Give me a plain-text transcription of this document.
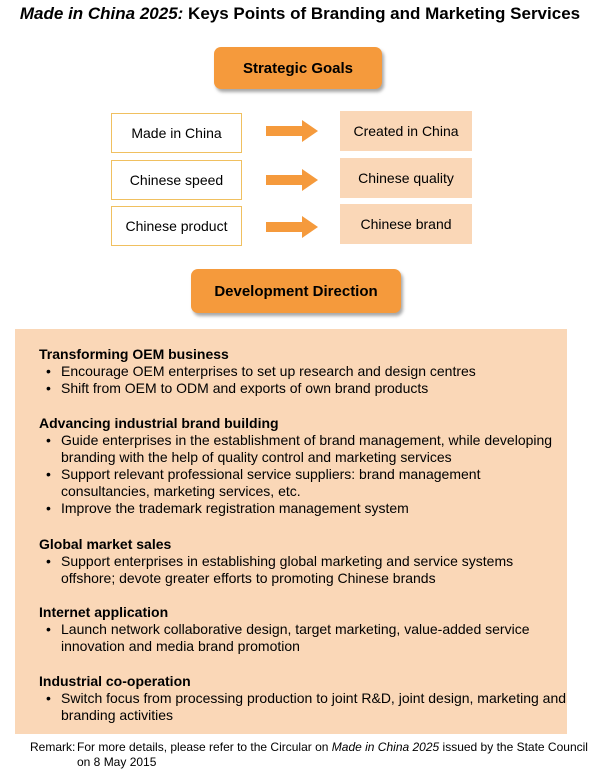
Made in China 2025: Keys Points of Branding and Marketing Services
Strategic Goals
Made in China	Created in China
Chinese speed	Chinese quality
Chinese product	Chinese brand
Development Direction
Transforming OEM business
• Encourage OEM enterprises to set up research and design centres
• Shift from OEM to ODM and exports of own brand products
Advancing industrial brand building
• Guide enterprises in the establishment of brand management, while developing branding with the help of quality control and marketing services
• Support relevant professional service suppliers: brand management consultancies, marketing services, etc.
• Improve the trademark registration management system
Global market sales
• Support enterprises in establishing global marketing and service systems offshore; devote greater efforts to promoting Chinese brands
Internet application
• Launch network collaborative design, target marketing, value-added service innovation and media brand promotion
Industrial co-operation
• Switch focus from processing production to joint R&D, joint design, marketing and branding activities
Remark: For more details, please refer to the Circular on Made in China 2025 issued by the State Council on 8 May 2015
